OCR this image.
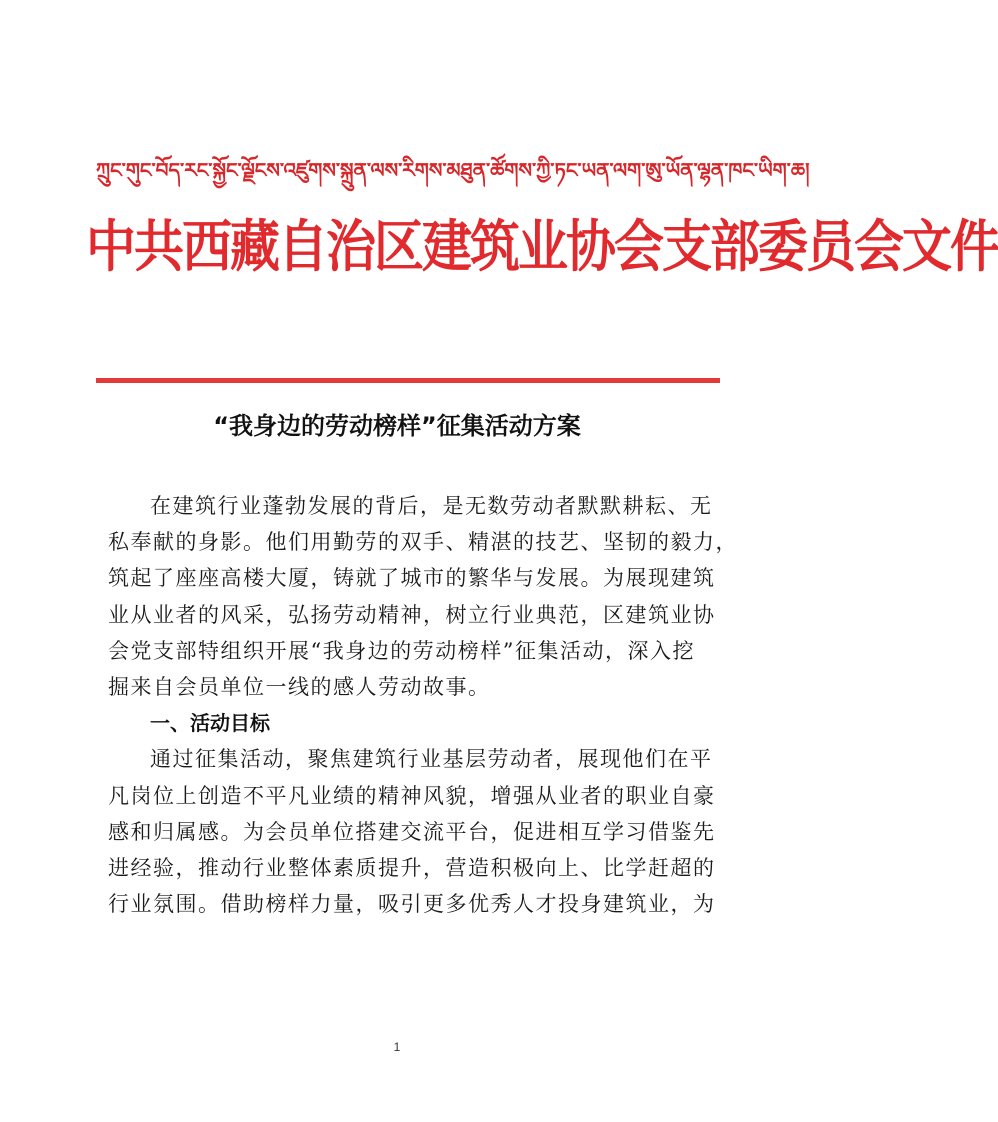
ཀྲུང་གུང་བོད་རང་སྐྱོང་ལྗོངས་འཛུགས་སྐྲུན་ལས་རིགས་མཐུན་ཚོགས་ཀྱི་ཏང་ཡན་ལག་ཨུ་ཡོན་ལྷན་ཁང་ཡིག་ཆ།
中共西藏自治区建筑业协会支部委员会文件
“我身边的劳动榜样”征集活动方案
在建筑行业蓬勃发展的背后，是无数劳动者默默耕耘、无
私奉献的身影。他们用勤劳的双手、精湛的技艺、坚韧的毅力，
筑起了座座高楼大厦，铸就了城市的繁华与发展。为展现建筑
业从业者的风采，弘扬劳动精神，树立行业典范，区建筑业协
会党支部特组织开展“我身边的劳动榜样”征集活动，深入挖
掘来自会员单位一线的感人劳动故事。
一、活动目标
通过征集活动，聚焦建筑行业基层劳动者，展现他们在平
凡岗位上创造不平凡业绩的精神风貌，增强从业者的职业自豪
感和归属感。为会员单位搭建交流平台，促进相互学习借鉴先
进经验，推动行业整体素质提升，营造积极向上、比学赶超的
行业氛围。借助榜样力量，吸引更多优秀人才投身建筑业，为
1
